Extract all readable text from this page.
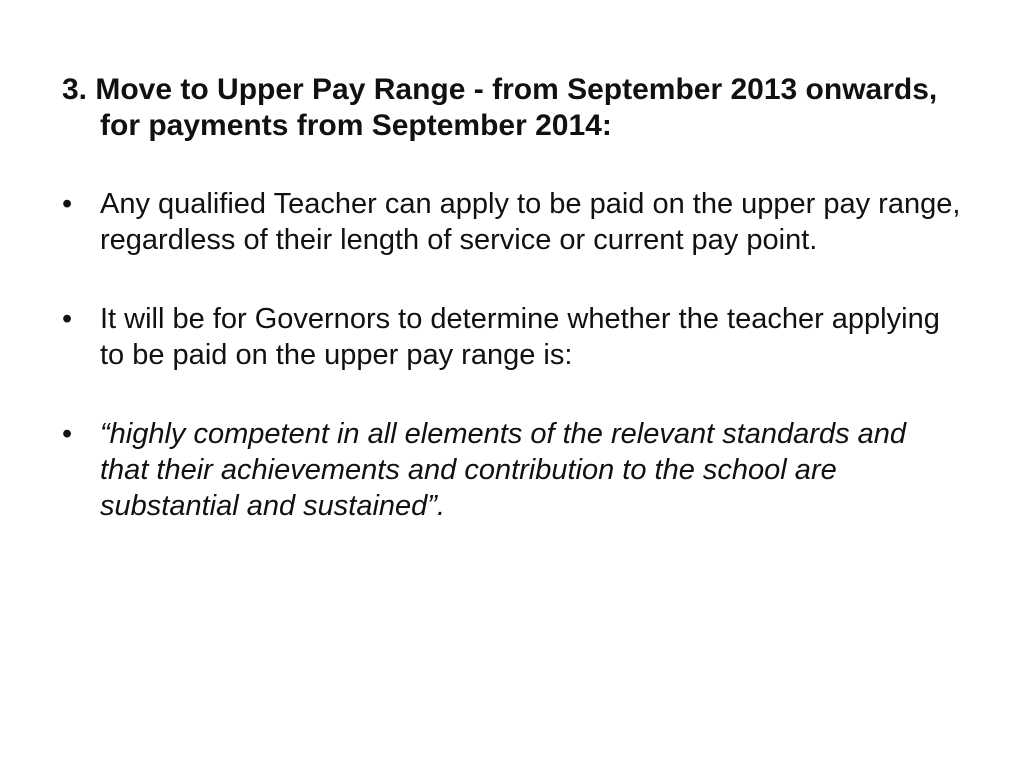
3. Move to Upper Pay Range - from September 2013 onwards, for payments from September 2014:
• Any qualified Teacher can apply to be paid on the upper pay range, regardless of their length of service or current pay point.
• It will be for Governors to determine whether the teacher applying to be paid on the upper pay range is:
• “highly competent in all elements of the relevant standards and that their achievements and contribution to the school are substantial and sustained”.
